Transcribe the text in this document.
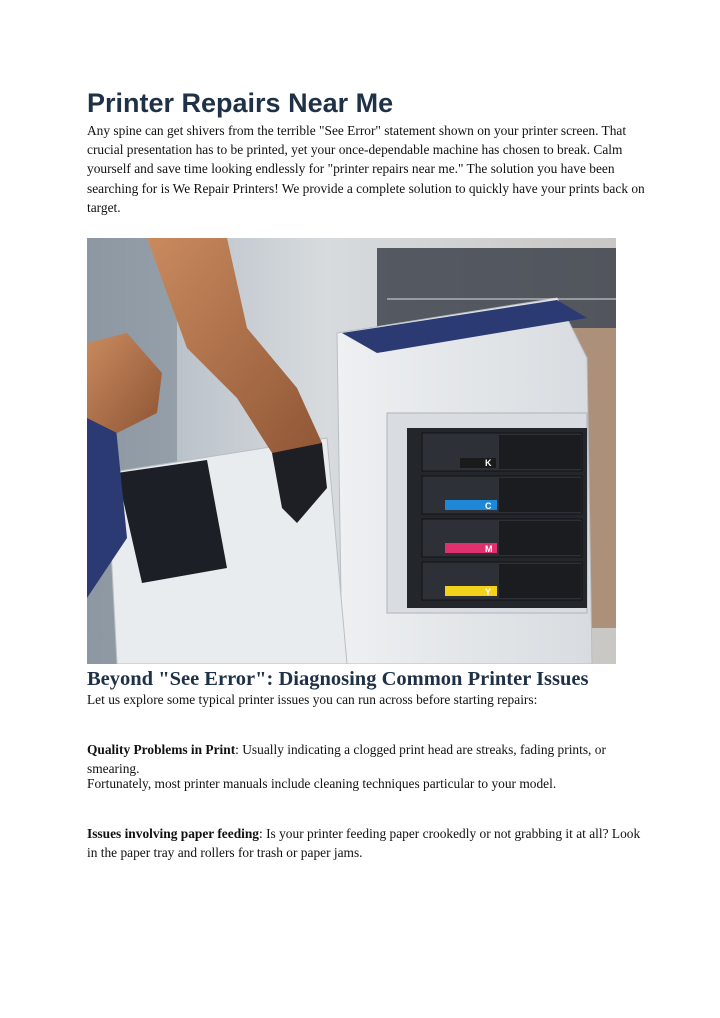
Printer Repairs Near Me

Any spine can get shivers from the terrible "See Error" statement shown on your printer screen. That crucial presentation has to be printed, yet your once-dependable machine has chosen to break. Calm yourself and save time looking endlessly for "printer repairs near me." The solution you have been searching for is We Repair Printers! We provide a complete solution to quickly have your prints back on target.

K
C
M
Y
Beyond "See Error": Diagnosing Common Printer Issues

Let us explore some typical printer issues you can run across before starting repairs:

Quality Problems in Print: Usually indicating a clogged print head are streaks, fading prints, or smearing.

Fortunately, most printer manuals include cleaning techniques particular to your model.

Issues involving paper feeding: Is your printer feeding paper crookedly or not grabbing it at all? Look in the paper tray and rollers for trash or paper jams.
